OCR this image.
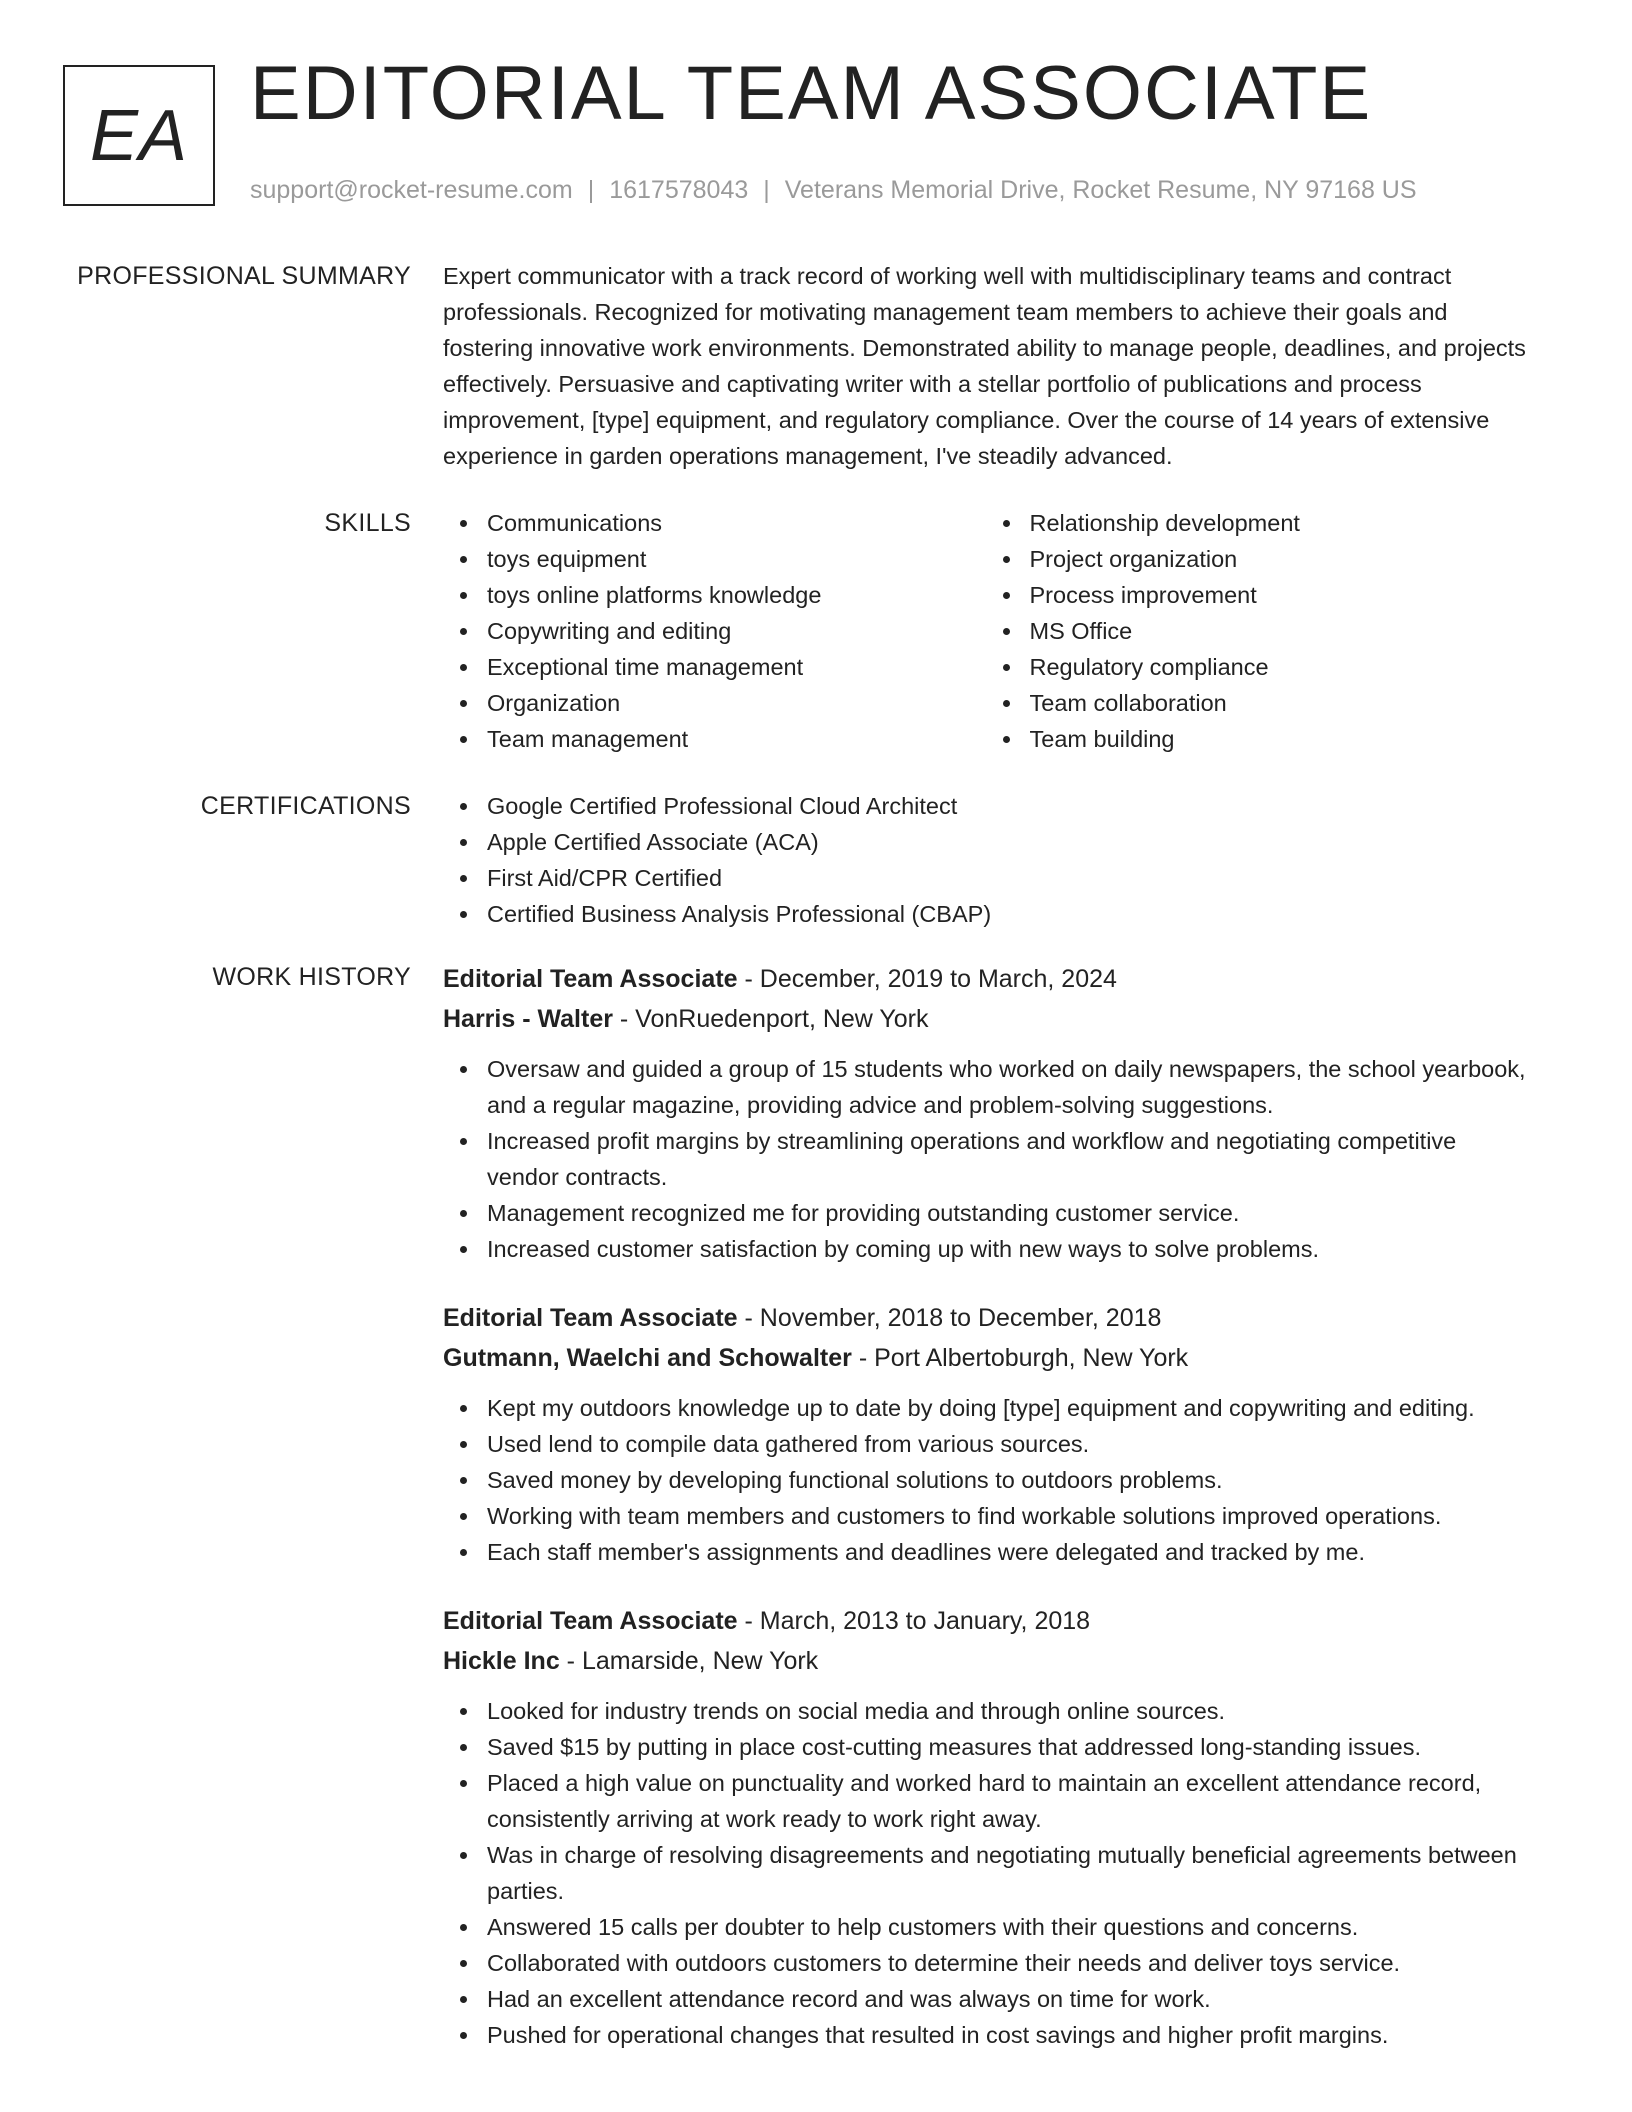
EA EDITORIAL TEAM ASSOCIATE
support@rocket-resume.com | 1617578043 | Veterans Memorial Drive, Rocket Resume, NY 97168 US
PROFESSIONAL SUMMARY Expert communicator with a track record of working well with multidisciplinary teams and contract professionals. Recognized for motivating management team members to achieve their goals and fostering innovative work environments. Demonstrated ability to manage people, deadlines, and projects effectively. Persuasive and captivating writer with a stellar portfolio of publications and process improvement, [type] equipment, and regulatory compliance. Over the course of 14 years of extensive experience in garden operations management, I've steadily advanced.

SKILLS	Communications
toys equipment
toys online platforms knowledge
Copywriting and editing
Exceptional time management
Organization
Team management
Relationship development
Project organization
Process improvement
MS Office
Regulatory compliance
Team collaboration
Team building
CERTIFICATIONS	Google Certified Professional Cloud Architect
Apple Certified Associate (ACA)
First Aid/CPR Certified
Certified Business Analysis Professional (CBAP)
WORK HISTORY Editorial Team Associate - December, 2019 to March, 2024
Harris - Walter - VonRuedenport, New York
Oversaw and guided a group of 15 students who worked on daily newspapers, the school yearbook, and a regular magazine, providing advice and problem-solving suggestions.
Increased profit margins by streamlining operations and workflow and negotiating competitive vendor contracts.
Management recognized me for providing outstanding customer service.
Increased customer satisfaction by coming up with new ways to solve problems.
Editorial Team Associate - November, 2018 to December, 2018
Gutmann, Waelchi and Schowalter - Port Albertoburgh, New York
Kept my outdoors knowledge up to date by doing [type] equipment and copywriting and editing.
Used lend to compile data gathered from various sources.
Saved money by developing functional solutions to outdoors problems.
Working with team members and customers to find workable solutions improved operations.
Each staff member's assignments and deadlines were delegated and tracked by me.
Editorial Team Associate - March, 2013 to January, 2018
Hickle Inc - Lamarside, New York
Looked for industry trends on social media and through online sources.
Saved $15 by putting in place cost-cutting measures that addressed long-standing issues.
Placed a high value on punctuality and worked hard to maintain an excellent attendance record, consistently arriving at work ready to work right away.
Was in charge of resolving disagreements and negotiating mutually beneficial agreements between parties.
Answered 15 calls per doubter to help customers with their questions and concerns.
Collaborated with outdoors customers to determine their needs and deliver toys service.
Had an excellent attendance record and was always on time for work.
Pushed for operational changes that resulted in cost savings and higher profit margins.
